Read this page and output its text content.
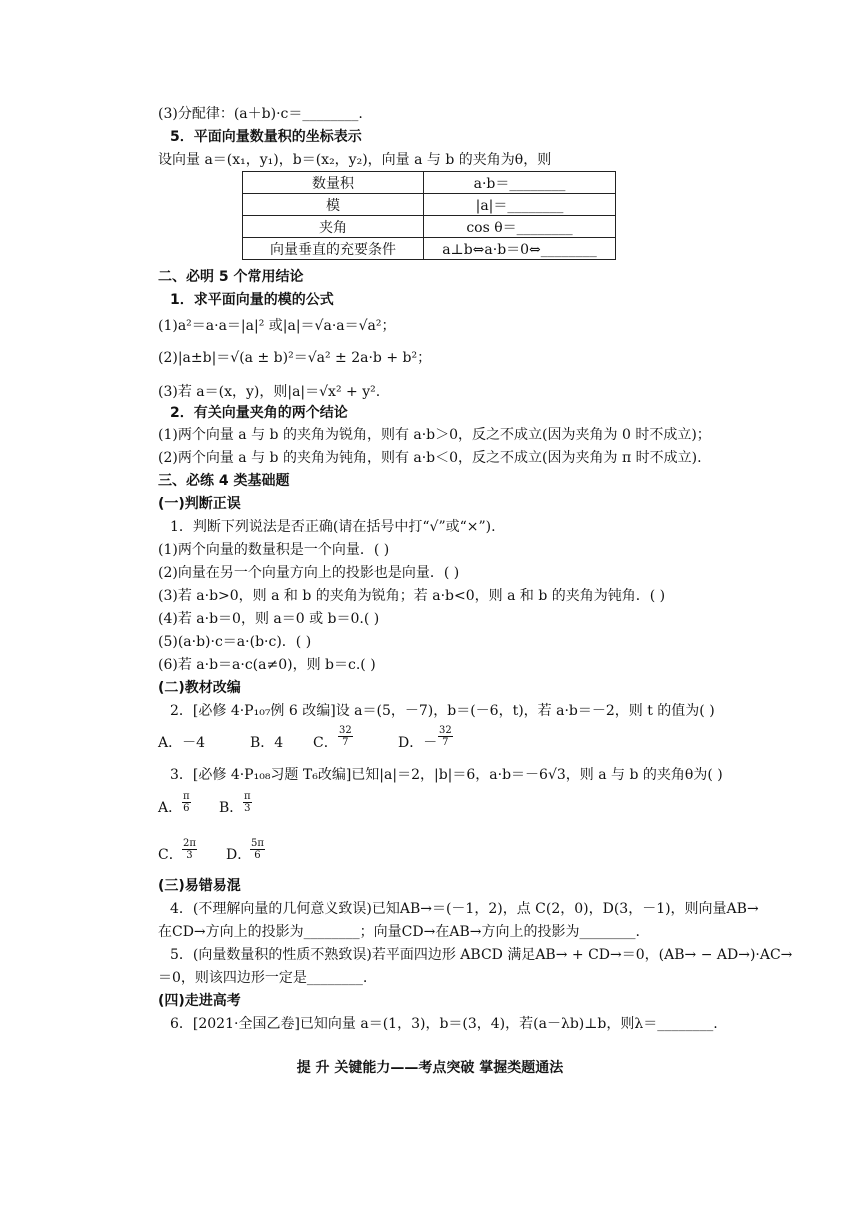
(3)分配律：(a＋b)·c＝________.
5．平面向量数量积的坐标表示
设向量 a＝(x₁，y₁)，b＝(x₂，y₂)，向量 a 与 b 的夹角为θ，则
数量积	a·b＝________
模	|a|＝________
夹角	cos θ＝________
向量垂直的充要条件	a⊥b⇔a·b＝0⇔________
二、必明 5 个常用结论
1．求平面向量的模的公式
(1)a²＝a·a＝|a|² 或|a|＝√a·a＝√a²；
(2)|a±b|＝√(a ± b)²＝√a² ± 2a·b + b²；
(3)若 a＝(x，y)，则|a|＝√x² + y².
2．有关向量夹角的两个结论
(1)两个向量 a 与 b 的夹角为锐角，则有 a·b＞0，反之不成立(因为夹角为 0 时不成立)；
(2)两个向量 a 与 b 的夹角为钝角，则有 a·b＜0，反之不成立(因为夹角为 π 时不成立).
三、必练 4 类基础题
(一)判断正误
1．判断下列说法是否正确(请在括号中打“√”或“×”).
(1)两个向量的数量积是一个向量．( )
(2)向量在另一个向量方向上的投影也是向量．( )
(3)若 a·b>0，则 a 和 b 的夹角为锐角；若 a·b<0，则 a 和 b 的夹角为钝角．( )
(4)若 a·b＝0，则 a＝0 或 b＝0.( )
(5)(a·b)·c＝a·(b·c)．( )
(6)若 a·b＝a·c(a≠0)，则 b＝c.( )
(二)教材改编
2．[必修 4·P₁₀₇例 6 改编]设 a＝(5，－7)，b＝(－6，t)，若 a·b＝－2，则 t 的值为( )
A．－4	B．4 C． $\frac{32}{7}$	D．－ $\frac{32}{7}$
3．[必修 4·P₁₀₈习题 T₆改编]已知|a|＝2，|b|＝6，a·b＝－6√3，则 a 与 b 的夹角θ为( )
A． $\frac{\pi}{6}$ B． $\frac{\pi}{3}$
C． $\frac{2\pi}{3}$ D．
$\frac{5\pi}{6}$
(三)易错易混
4．(不理解向量的几何意义致误)已知AB→＝(－1，2)，点 C(2，0)，D(3，－1)，则向量AB→
在CD→方向上的投影为________；向量CD→在AB→方向上的投影为________.
5．(向量数量积的性质不熟致误)若平面四边形 ABCD 满足AB→ + CD→＝0，(AB→ − AD→)·AC→
＝0，则该四边形一定是________.
(四)走进高考
6．[2021·全国乙卷]已知向量 a＝(1，3)，b＝(3，4)，若(a－λb)⊥b，则λ＝________.
提 升 关键能力——考点突破 掌握类题通法
